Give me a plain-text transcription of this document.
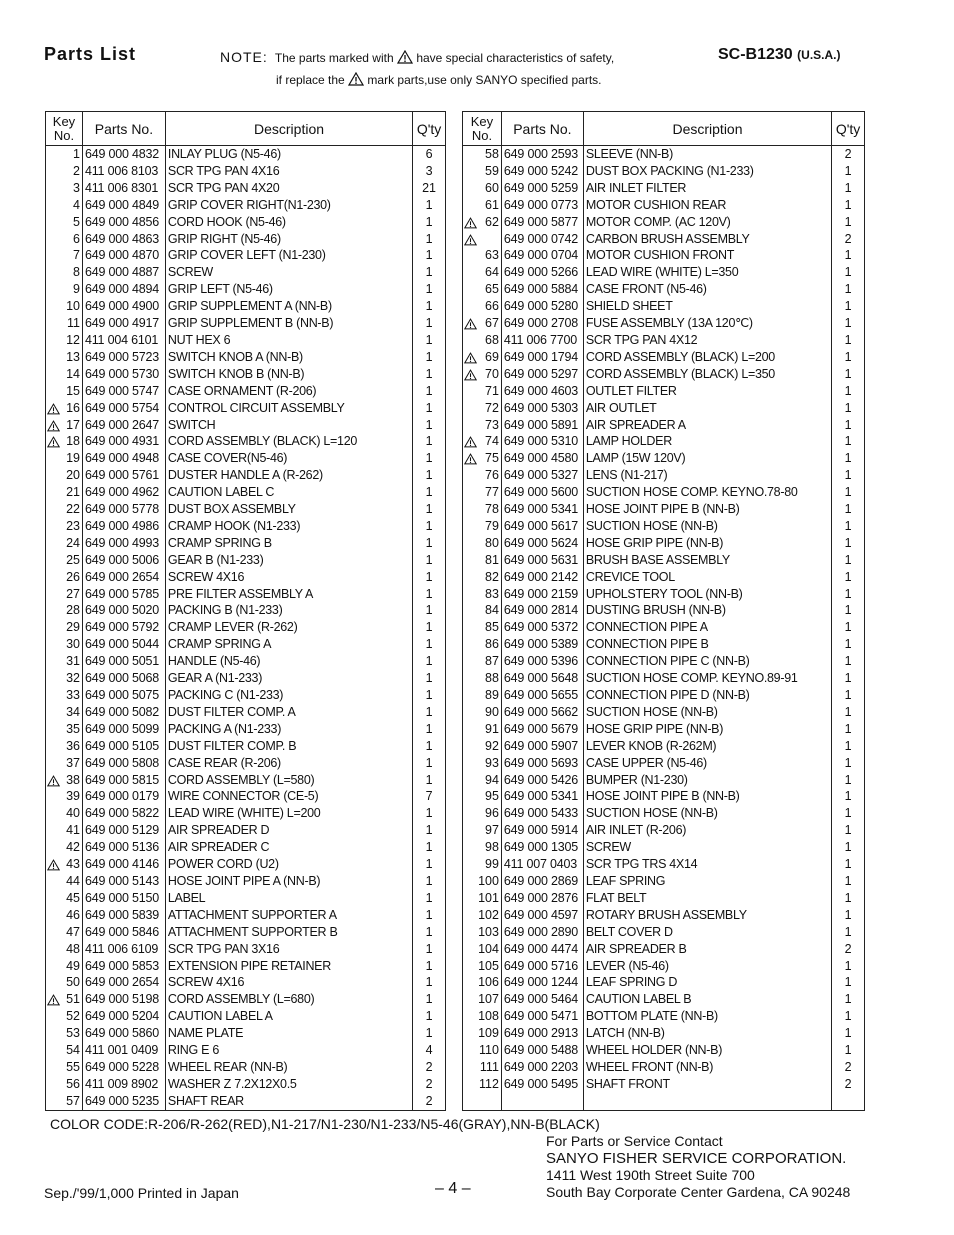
Parts List	NOTE: The parts marked with have special characteristics of safety,
if replace the mark parts,use only SANYO specified parts.
SC-B1230 (U.S.A.)
Key No.	Parts No.	Description	Q'ty
1	649 000 4832	INLAY PLUG (N5-46)	6
2	411 006 8103	SCR TPG PAN 4X16	3
3	411 006 8301	SCR TPG PAN 4X20	21
4	649 000 4849	GRIP COVER RIGHT(N1-230)	1
5	649 000 4856	CORD HOOK (N5-46)	1
6	649 000 4863	GRIP RIGHT (N5-46)	1
7	649 000 4870	GRIP COVER LEFT (N1-230)	1
8	649 000 4887	SCREW	1
9	649 000 4894	GRIP LEFT (N5-46)	1
10	649 000 4900	GRIP SUPPLEMENT A (NN-B)	1
11	649 000 4917	GRIP SUPPLEMENT B (NN-B)	1
12	411 004 6101	NUT HEX 6	1
13	649 000 5723	SWITCH KNOB A (NN-B)	1
14	649 000 5730	SWITCH KNOB B (NN-B)	1
15	649 000 5747	CASE ORNAMENT (R-206)	1

16	649 000 5754	CONTROL CIRCUIT ASSEMBLY	1

17	649 000 2647	SWITCH	1

18	649 000 4931	CORD ASSEMBLY (BLACK) L=120	1
19	649 000 4948	CASE COVER(N5-46)	1
20	649 000 5761	DUSTER HANDLE A (R-262)	1
21	649 000 4962	CAUTION LABEL C	1
22	649 000 5778	DUST BOX ASSEMBLY	1
23	649 000 4986	CRAMP HOOK (N1-233)	1
24	649 000 4993	CRAMP SPRING B	1
25	649 000 5006	GEAR B (N1-233)	1
26	649 000 2654	SCREW 4X16	1
27	649 000 5785	PRE FILTER ASSEMBLY A	1
28	649 000 5020	PACKING B (N1-233)	1
29	649 000 5792	CRAMP LEVER (R-262)	1
30	649 000 5044	CRAMP SPRING A	1
31	649 000 5051	HANDLE (N5-46)	1
32	649 000 5068	GEAR A (N1-233)	1
33	649 000 5075	PACKING C (N1-233)	1
34	649 000 5082	DUST FILTER COMP. A	1
35	649 000 5099	PACKING A (N1-233)	1
36	649 000 5105	DUST FILTER COMP. B	1
37	649 000 5808	CASE REAR (R-206)	1

38	649 000 5815	CORD ASSEMBLY (L=580)	1
39	649 000 0179	WIRE CONNECTOR (CE-5)	7
40	649 000 5822	LEAD WIRE (WHITE) L=200	1
41	649 000 5129	AIR SPREADER D	1
42	649 000 5136	AIR SPREADER C	1

43	649 000 4146	POWER CORD (U2)	1
44	649 000 5143	HOSE JOINT PIPE A (NN-B)	1
45	649 000 5150	LABEL	1
46	649 000 5839	ATTACHMENT SUPPORTER A	1
47	649 000 5846	ATTACHMENT SUPPORTER B	1
48	411 006 6109	SCR TPG PAN 3X16	1
49	649 000 5853	EXTENSION PIPE RETAINER	1
50	649 000 2654	SCREW 4X16	1

51	649 000 5198	CORD ASSEMBLY (L=680)	1
52	649 000 5204	CAUTION LABEL A	1
53	649 000 5860	NAME PLATE	1
54	411 001 0409	RING E 6	4
55	649 000 5228	WHEEL REAR (NN-B)	2
56	411 009 8902	WASHER Z 7.2X12X0.5	2
57	649 000 5235	SHAFT REAR	2
Key No.	Parts No.	Description	Q'ty
58	649 000 2593	SLEEVE (NN-B)	2
59	649 000 5242	DUST BOX PACKING (N1-233)	1
60	649 000 5259	AIR INLET FILTER	1
61	649 000 0773	MOTOR CUSHION REAR	1

62	649 000 5877	MOTOR COMP. (AC 120V)	1

	649 000 0742	CARBON BRUSH ASSEMBLY	2
63	649 000 0704	MOTOR CUSHION FRONT	1
64	649 000 5266	LEAD WIRE (WHITE) L=350	1
65	649 000 5884	CASE FRONT (N5-46)	1
66	649 000 5280	SHIELD SHEET	1

67	649 000 2708	FUSE ASSEMBLY (13A 120℃)	1
68	411 006 7700	SCR TPG PAN 4X12	1

69	649 000 1794	CORD ASSEMBLY (BLACK) L=200	1

70	649 000 5297	CORD ASSEMBLY (BLACK) L=350	1
71	649 000 4603	OUTLET FILTER	1
72	649 000 5303	AIR OUTLET	1
73	649 000 5891	AIR SPREADER A	1

74	649 000 5310	LAMP HOLDER	1

75	649 000 4580	LAMP (15W 120V)	1
76	649 000 5327	LENS (N1-217)	1
77	649 000 5600	SUCTION HOSE COMP. KEYNO.78-80	1
78	649 000 5341	HOSE JOINT PIPE B (NN-B)	1
79	649 000 5617	SUCTION HOSE (NN-B)	1
80	649 000 5624	HOSE GRIP PIPE (NN-B)	1
81	649 000 5631	BRUSH BASE ASSEMBLY	1
82	649 000 2142	CREVICE TOOL	1
83	649 000 2159	UPHOLSTERY TOOL (NN-B)	1
84	649 000 2814	DUSTING BRUSH (NN-B)	1
85	649 000 5372	CONNECTION PIPE A	1
86	649 000 5389	CONNECTION PIPE B	1
87	649 000 5396	CONNECTION PIPE C (NN-B)	1
88	649 000 5648	SUCTION HOSE COMP. KEYNO.89-91	1
89	649 000 5655	CONNECTION PIPE D (NN-B)	1
90	649 000 5662	SUCTION HOSE (NN-B)	1
91	649 000 5679	HOSE GRIP PIPE (NN-B)	1
92	649 000 5907	LEVER KNOB (R-262M)	1
93	649 000 5693	CASE UPPER (N5-46)	1
94	649 000 5426	BUMPER (N1-230)	1
95	649 000 5341	HOSE JOINT PIPE B (NN-B)	1
96	649 000 5433	SUCTION HOSE (NN-B)	1
97	649 000 5914	AIR INLET (R-206)	1
98	649 000 1305	SCREW	1
99	411 007 0403	SCR TPG TRS 4X14	1
100	649 000 2869	LEAF SPRING	1
101	649 000 2876	FLAT BELT	1
102	649 000 4597	ROTARY BRUSH ASSEMBLY	1
103	649 000 2890	BELT COVER D	1
104	649 000 4474	AIR SPREADER B	2
105	649 000 5716	LEVER (N5-46)	1
106	649 000 1244	LEAF SPRING D	1
107	649 000 5464	CAUTION LABEL B	1
108	649 000 5471	BOTTOM PLATE (NN-B)	1
109	649 000 2913	LATCH (NN-B)	1
110	649 000 5488	WHEEL HOLDER (NN-B)	1
111	649 000 2203	WHEEL FRONT (NN-B)	2
112	649 000 5495	SHAFT FRONT	2

COLOR CODE:R-206/R-262(RED),N1-217/N1-230/N1-233/N5-46(GRAY),NN-B(BLACK)
For Parts or Service Contact
SANYO FISHER SERVICE CORPORATION.
1411 West 190th Street Suite 700
South Bay Corporate Center Gardena, CA 90248
Sep./'99/1,000 Printed in Japan	– 4 –
